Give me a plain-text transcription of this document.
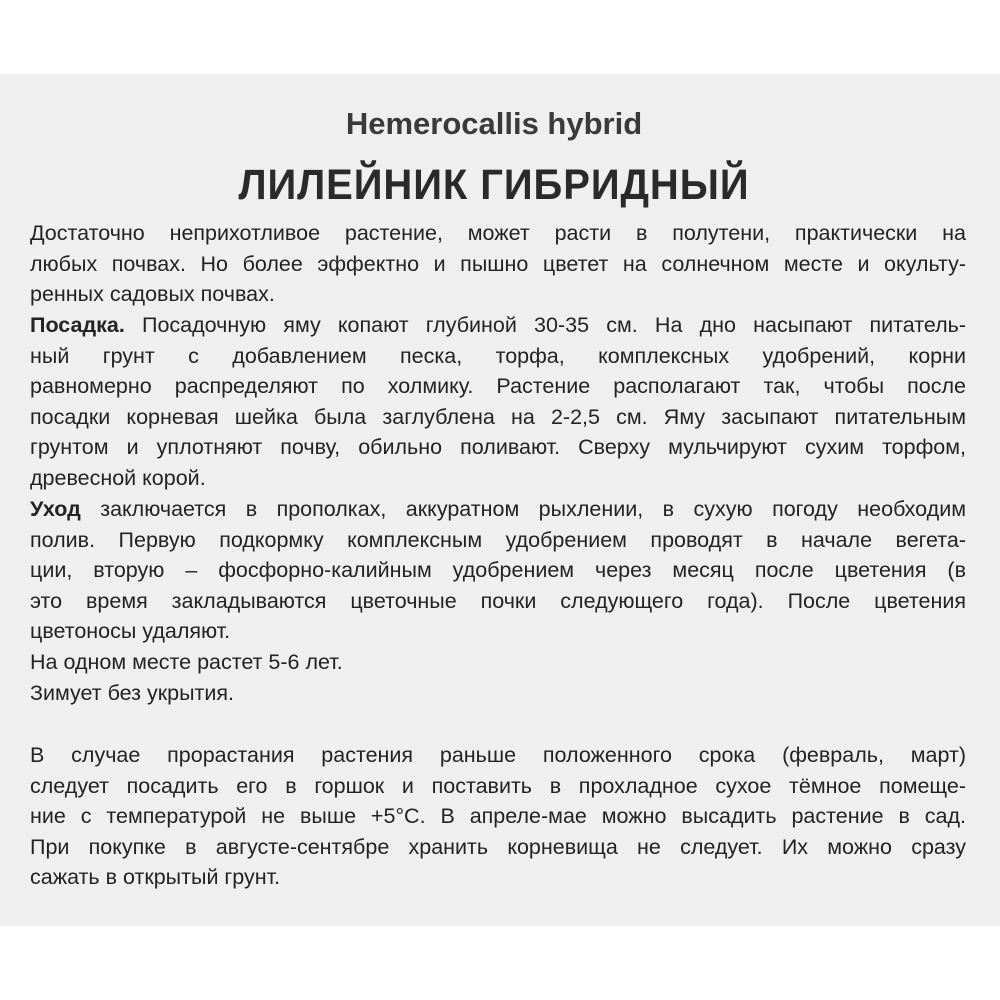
Hemerocallis hybrid
ЛИЛЕЙНИК ГИБРИДНЫЙ
Достаточно неприхотливое растение, может расти в полутени, практически на
любых почвах. Но более эффектно и пышно цветет на солнечном месте и окульту-
ренных садовых почвах.
Посадка. Посадочную яму копают глубиной 30-35 см. На дно насыпают питатель-
ный грунт с добавлением песка, торфа, комплексных удобрений, корни
равномерно распределяют по холмику. Растение располагают так, чтобы после
посадки корневая шейка была заглублена на 2-2,5 см. Яму засыпают питательным
грунтом и уплотняют почву, обильно поливают. Сверху мульчируют сухим торфом,
древесной корой.
Уход заключается в прополках, аккуратном рыхлении, в сухую погоду необходим
полив. Первую подкормку комплексным удобрением проводят в начале вегета-
ции, вторую – фосфорно-калийным удобрением через месяц после цветения (в
это время закладываются цветочные почки следующего года). После цветения
цветоносы удаляют.
На одном месте растет 5-6 лет.
Зимует без укрытия.
В случае прорастания растения раньше положенного срока (февраль, март)
следует посадить его в горшок и поставить в прохладное сухое тёмное помеще-
ние с температурой не выше +5°С. В апреле-мае можно высадить растение в сад.
При покупке в августе-сентябре хранить корневища не следует. Их можно сразу
сажать в открытый грунт.
